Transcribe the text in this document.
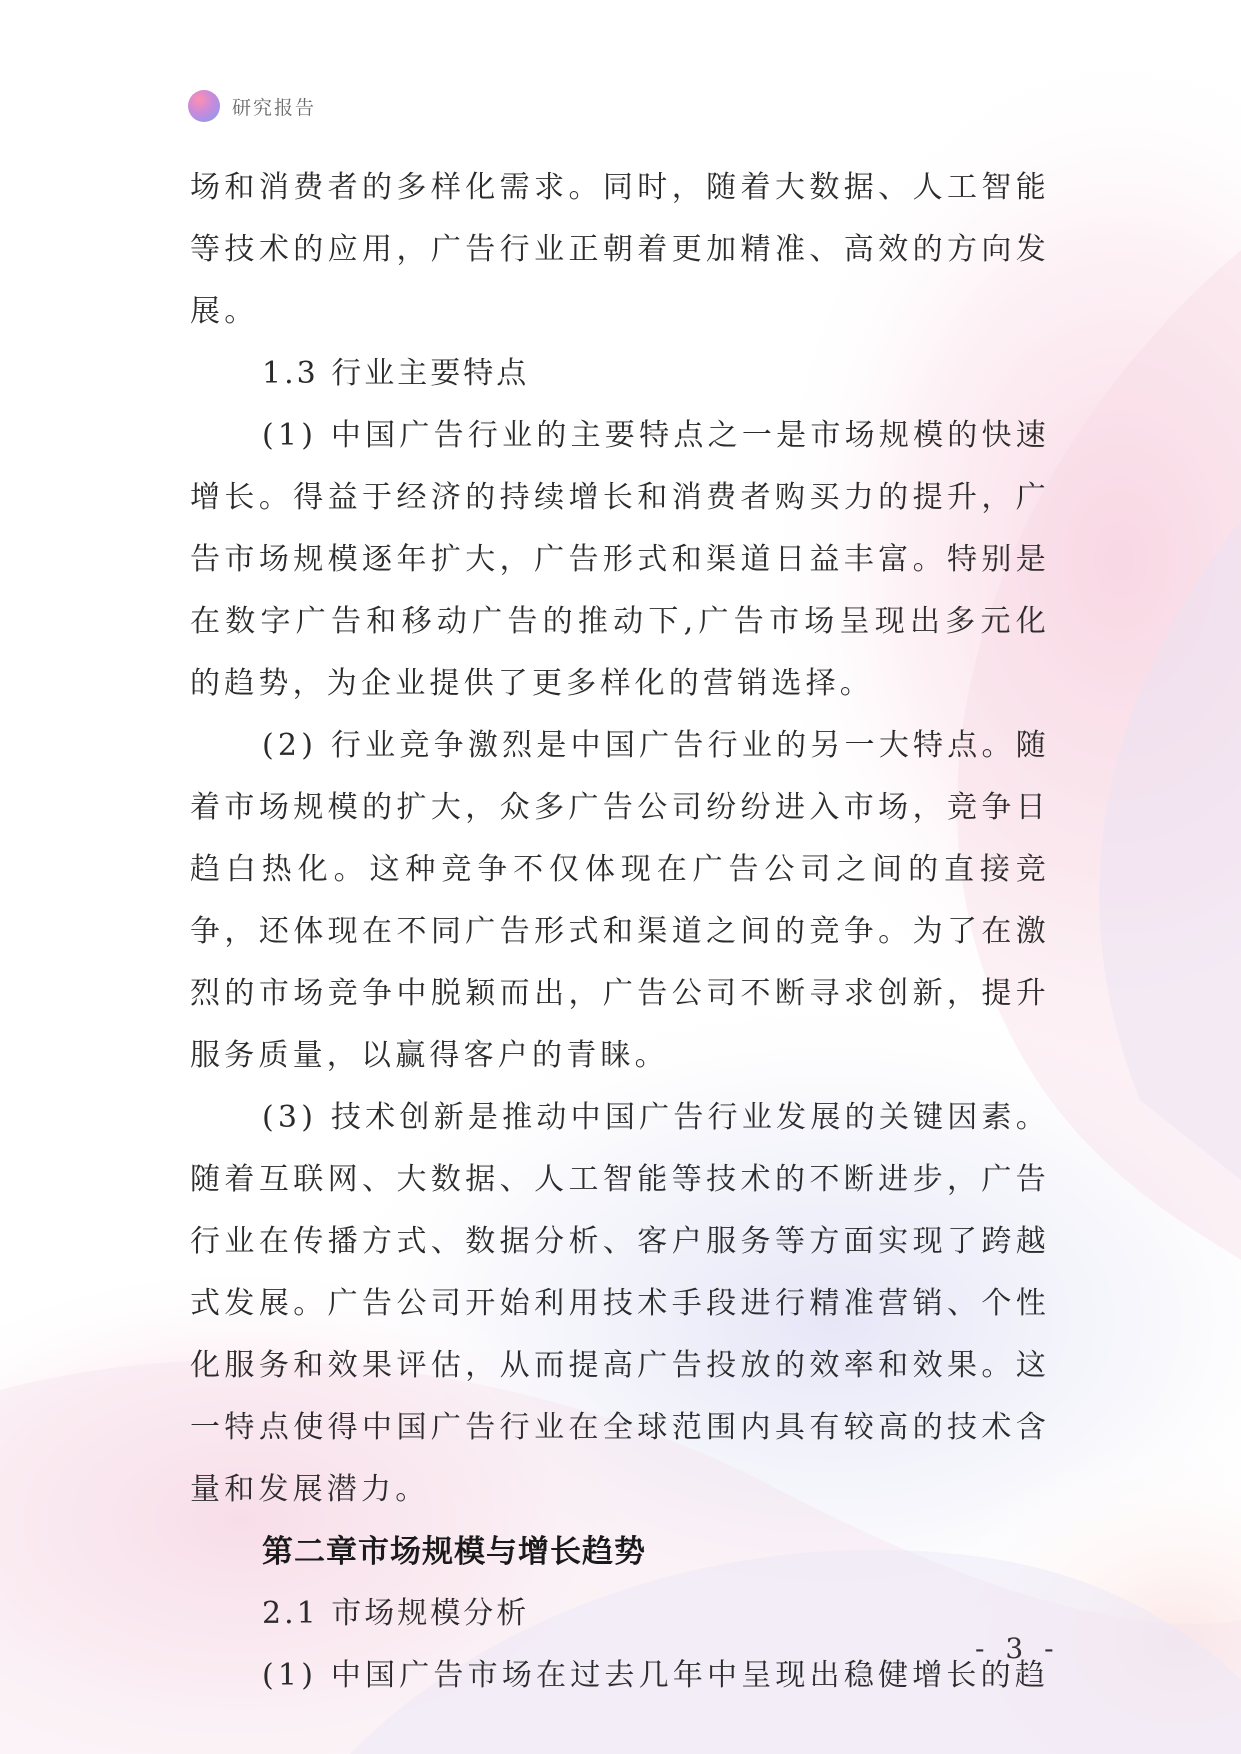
研究报告

场和消费者的多样化需求。同时，随着大数据、人工智能等技术的应用，广告行业正朝着更加精准、高效的方向发展。

1.3 行业主要特点

(1) 中国广告行业的主要特点之一是市场规模的快速增长。得益于经济的持续增长和消费者购买力的提升，广告市场规模逐年扩大，广告形式和渠道日益丰富。特别是在数字广告和移动广告的推动下,广告市场呈现出多元化的趋势，为企业提供了更多样化的营销选择。

(2) 行业竞争激烈是中国广告行业的另一大特点。随着市场规模的扩大，众多广告公司纷纷进入市场，竞争日趋白热化。这种竞争不仅体现在广告公司之间的直接竞争，还体现在不同广告形式和渠道之间的竞争。为了在激烈的市场竞争中脱颖而出，广告公司不断寻求创新，提升服务质量，以赢得客户的青睐。

(3) 技术创新是推动中国广告行业发展的关键因素。随着互联网、大数据、人工智能等技术的不断进步，广告行业在传播方式、数据分析、客户服务等方面实现了跨越式发展。广告公司开始利用技术手段进行精准营销、个性化服务和效果评估，从而提高广告投放的效率和效果。这一特点使得中国广告行业在全球范围内具有较高的技术含量和发展潜力。

第二章市场规模与增长趋势

2.1 市场规模分析

(1) 中国广告市场在过去几年中呈现出稳健增长的趋

- 3 -
